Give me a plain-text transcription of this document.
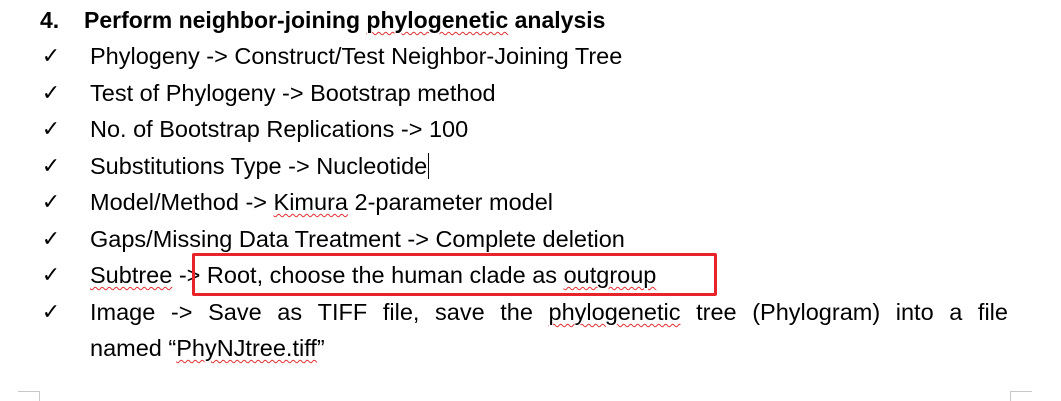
4. Perform neighbor-joining phylogenetic analysis
✓ Phylogeny -> Construct/Test Neighbor-Joining Tree
✓ Test of Phylogeny -> Bootstrap method
✓ No. of Bootstrap Replications -> 100
✓ Substitutions Type -> Nucleotide
✓ Model/Method -> Kimura 2-parameter model
✓ Gaps/Missing Data Treatment -> Complete deletion
✓ Subtree -> Root, choose the human clade as outgroup
✓ Image -> Save as TIFF file, save the phylogenetic tree (Phylogram) into a file
named “PhyNJtree.tiff”
